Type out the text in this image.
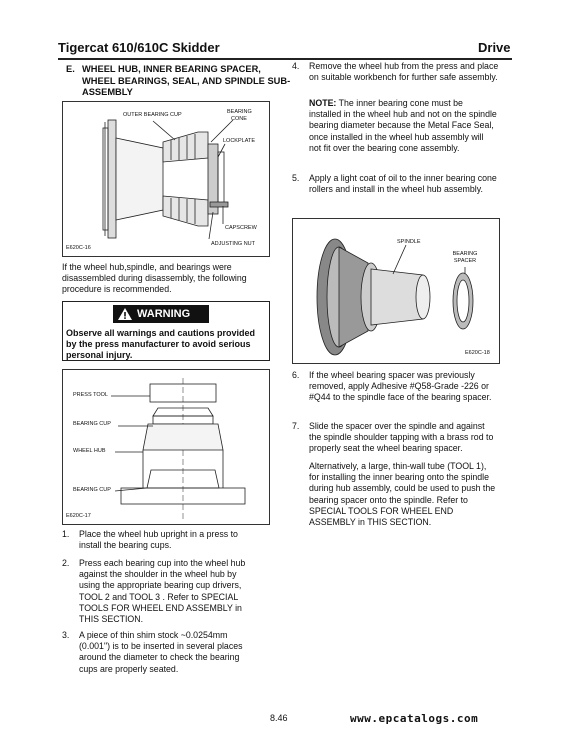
Tigercat 610/610C Skidder	Drive
E. WHEEL HUB, INNER BEARING SPACER, WHEEL BEARINGS, SEAL, AND SPINDLE SUB-ASSEMBLY
OUTER BEARING CUP	BEARING CONE
LOCKPLATE
CAPSCREW
ADJUSTING NUT
E620C-16
If the wheel hub,spindle, and bearings were disassembled during disassembly, the following procedure is recommended.
WARNING
Observe all warnings and cautions provided by the press manufacturer to avoid serious personal injury.
PRESS TOOL
BEARING CUP
WHEEL HUB
BEARING CUP
E620C-17
1. Place the wheel hub upright in a press to install the bearing cups.
2. Press each bearing cup into the wheel hub against the shoulder in the wheel hub by using the appropriate bearing cup drivers, TOOL 2 and TOOL 3 . Refer to SPECIAL TOOLS FOR WHEEL END ASSEMBLY in THIS SECTION.
3. A piece of thin shim stock ~0.0254mm (0.001") is to be inserted in several places around the diameter to check the bearing cups are properly seated.
4. Remove the wheel hub from the press and place on suitable workbench for further safe assembly.
NOTE: The inner bearing cone must be installed in the wheel hub and not on the spindle bearing diameter because the Metal Face Seal, once installed in the wheel hub assembly will not fit over the bearing cone assembly.
5. Apply a light coat of oil to the inner bearing cone rollers and install in the wheel hub assembly.
SPINDLE
BEARING SPACER
E620C-18
6. If the wheel bearing spacer was previously removed, apply Adhesive #Q58-Grade -226 or #Q44 to the spindle face of the bearing spacer.
7. Slide the spacer over the spindle and against the spindle shoulder tapping with a brass rod to properly seat the wheel bearing spacer.
Alternatively, a large, thin-wall tube (TOOL 1), for installing the inner bearing onto the spindle during hub assembly, could be used to push the bearing spacer onto the spindle. Refer to SPECIAL TOOLS FOR WHEEL END ASSEMBLY in THIS SECTION.
8.46	www.epcatalogs.com
